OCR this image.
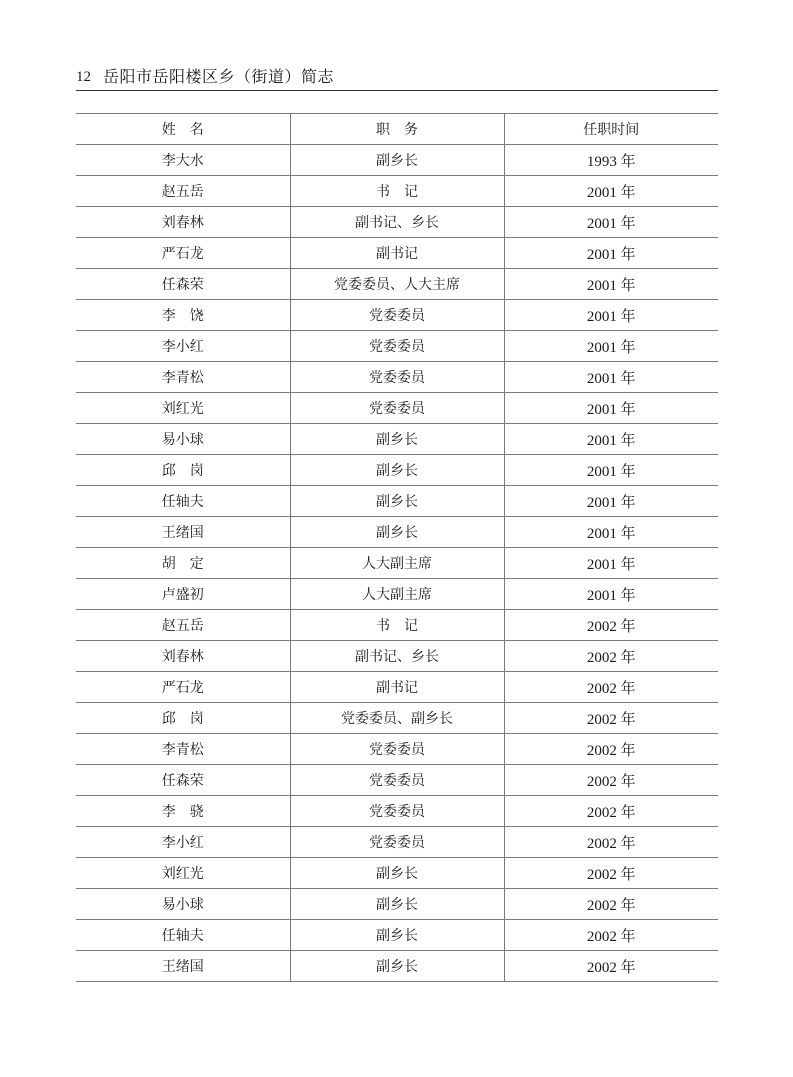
12 岳阳市岳阳楼区乡（街道）简志
姓　名	职　务	任职时间
李大水	副乡长	1993 年
赵五岳	书　记	2001 年
刘春林	副书记、乡长	2001 年
严石龙	副书记	2001 年
任森荣	党委委员、人大主席	2001 年
李　饶	党委委员	2001 年
李小红	党委委员	2001 年
李青松	党委委员	2001 年
刘红光	党委委员	2001 年
易小球	副乡长	2001 年
邱　岗	副乡长	2001 年
任轴夫	副乡长	2001 年
王绪国	副乡长	2001 年
胡　定	人大副主席	2001 年
卢盛初	人大副主席	2001 年
赵五岳	书　记	2002 年
刘春林	副书记、乡长	2002 年
严石龙	副书记	2002 年
邱　岗	党委委员、副乡长	2002 年
李青松	党委委员	2002 年
任森荣	党委委员	2002 年
李　骁	党委委员	2002 年
李小红	党委委员	2002 年
刘红光	副乡长	2002 年
易小球	副乡长	2002 年
任轴夫	副乡长	2002 年
王绪国	副乡长	2002 年
